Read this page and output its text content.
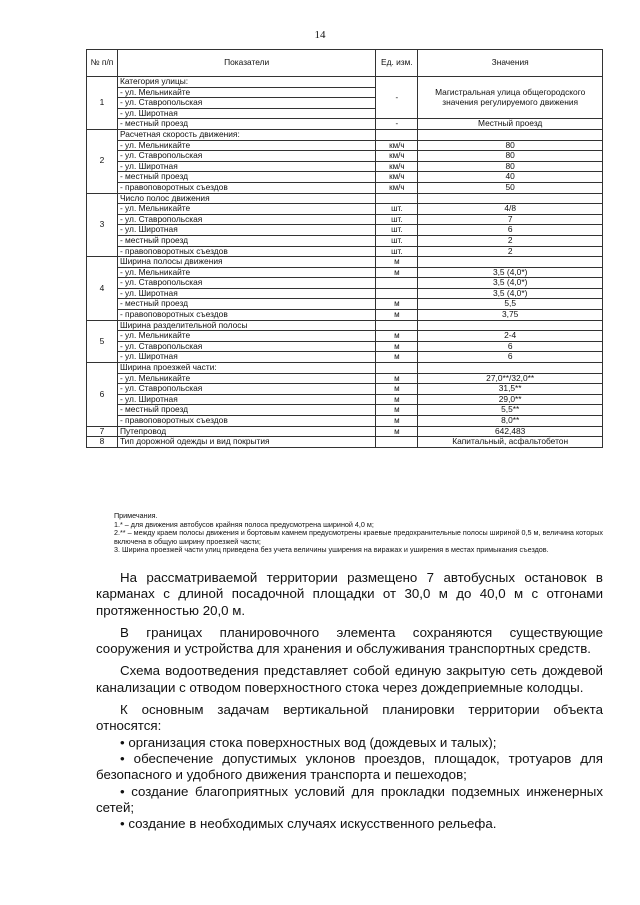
14
№ п/п	Показатели	Ед. изм.	Значения
1	Категория улицы:	-	Магистральная улица общегородского значения регулируемого движения
	- ул. Мельникайте		
	- ул. Ставропольская		
	- ул. Широтная		
	- местный проезд	-	Местный проезд
2	Расчетная скорость движения:		
	- ул. Мельникайте	км/ч	80
	- ул. Ставропольская	км/ч	80
	- ул. Широтная	км/ч	80
	- местный проезд	км/ч	40
	- правоповоротных съездов	км/ч	50
3	Число полос движения		
	- ул. Мельникайте	шт.	4/8
	- ул. Ставропольская	шт.	7
	- ул. Широтная	шт.	6
	- местный проезд	шт.	2
	- правоповоротных съездов	шт.	2
4	Ширина полосы движения	м	
	- ул. Мельникайте	м	3,5 (4,0*)
	- ул. Ставропольская		3,5 (4,0*)
	- ул. Широтная		3,5 (4,0*)
	- местный проезд	м	5,5
	- правоповоротных съездов	м	3,75
5	Ширина разделительной полосы		
	- ул. Мельникайте	м	2-4
	- ул. Ставропольская	м	6
	- ул. Широтная	м	6
6	Ширина проезжей части:		
	- ул. Мельникайте	м	27,0**/32,0**
	- ул. Ставропольская	м	31,5**
	- ул. Широтная	м	29,0**
	- местный проезд	м	5,5**
	- правоповоротных съездов	м	8,0**
7	Путепровод	м	642,483
8	Тип дорожной одежды и вид покрытия		Капитальный, асфальтобетон

Примечания.

1.* – для движения автобусов крайняя полоса предусмотрена шириной 4,0 м;

2.** – между краем полосы движения и бортовым камнем предусмотрены краевые предохранительные полосы шириной 0,5 м, величина которых включена в общую ширину проезжей части;

3. Ширина проезжей части улиц приведена без учета величины уширения на виражах и уширения в местах примыкания съездов.

На рассматриваемой территории размещено 7 автобусных остановок в карманах с длиной посадочной площадки от 30,0 м до 40,0 м с отгонами протяженностью 20,0 м.

В границах планировочного элемента сохраняются существующие сооружения и устройства для хранения и обслуживания транспортных средств.

Схема водоотведения представляет собой единую закрытую сеть дождевой канализации с отводом поверхностного стока через дождеприемные колодцы.

К основным задачам вертикальной планировки территории объекта относятся:

• организация стока поверхностных вод (дождевых и талых);

• обеспечение допустимых уклонов проездов, площадок, тротуаров для безопасного и удобного движения транспорта и пешеходов;

• создание благоприятных условий для прокладки подземных инженерных сетей;

• создание в необходимых случаях искусственного рельефа.
